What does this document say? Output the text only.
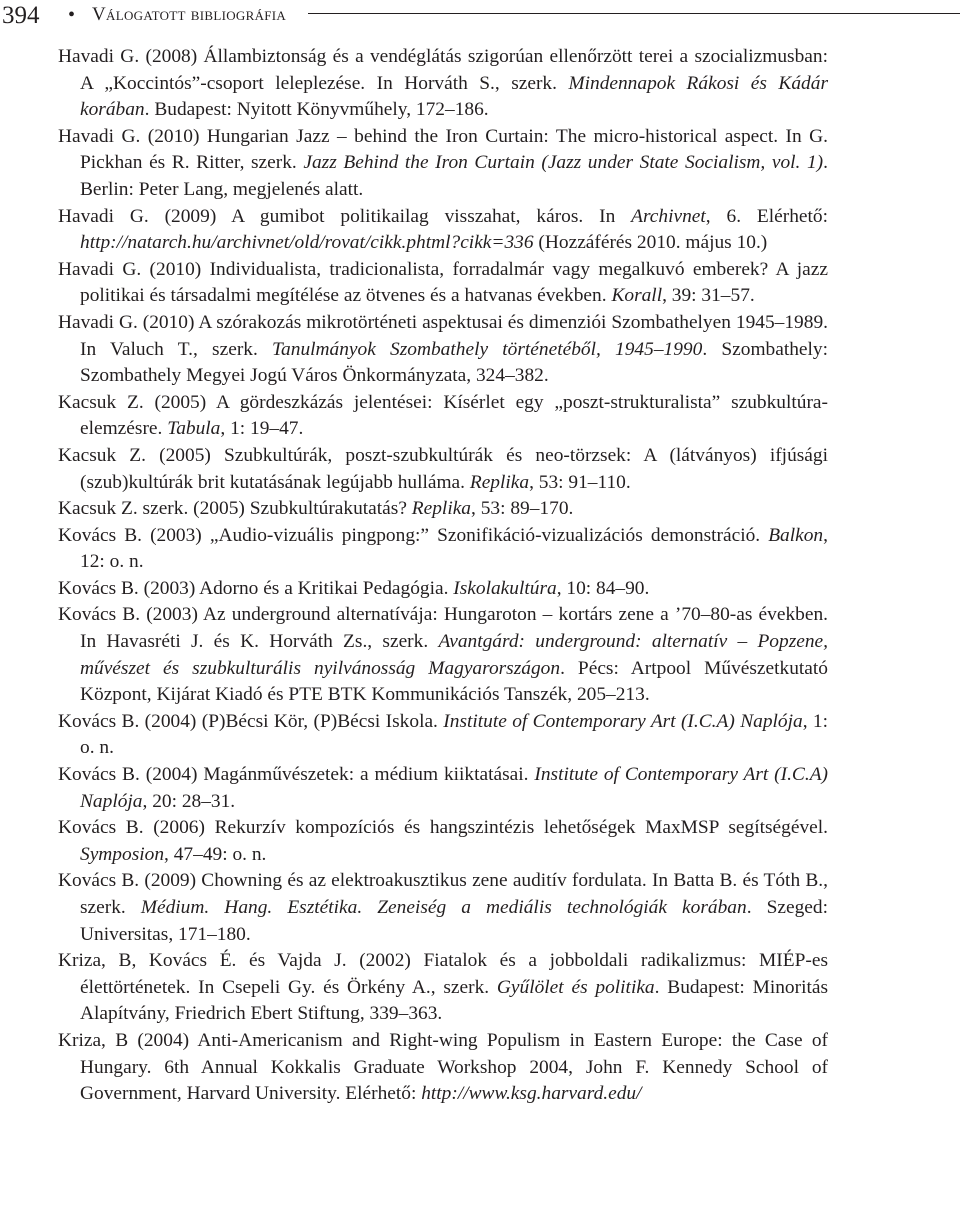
394 • Válogatott bibliográfia

Havadi G. (2008) Állambiztonság és a vendéglátás szigorúan ellenőrzött terei a szocializmusban: A „Koccintós”-csoport leleplezése. In Horváth S., szerk. Mindennapok Rákosi és Kádár korában. Budapest: Nyitott Könyvműhely, 172–186.

Havadi G. (2010) Hungarian Jazz – behind the Iron Curtain: The micro-historical aspect. In G. Pickhan és R. Ritter, szerk. Jazz Behind the Iron Curtain (Jazz under State Socialism, vol. 1). Berlin: Peter Lang, megjelenés alatt.

Havadi G. (2009) A gumibot politikailag visszahat, káros. In Archivnet, 6. Elérhető: http://natarch.hu/archivnet/old/rovat/cikk.phtml?cikk=336 (Hozzáférés 2010. május 10.)

Havadi G. (2010) Individualista, tradicionalista, forradalmár vagy megalkuvó emberek? A jazz politikai és társadalmi megítélése az ötvenes és a hatvanas években. Korall, 39: 31–57.

Havadi G. (2010) A szórakozás mikrotörténeti aspektusai és dimenziói Szombathelyen 1945–1989. In Valuch T., szerk. Tanulmányok Szombathely történetéből, 1945–1990. Szombathely: Szombathely Megyei Jogú Város Önkormányzata, 324–382.

Kacsuk Z. (2005) A gördeszkázás jelentései: Kísérlet egy „poszt-strukturalista” szubkultúra-elemzésre. Tabula, 1: 19–47.

Kacsuk Z. (2005) Szubkultúrák, poszt-szubkultúrák és neo-törzsek: A (látványos) ifjúsági (szub)kultúrák brit kutatásának legújabb hulláma. Replika, 53: 91–110.

Kacsuk Z. szerk. (2005) Szubkultúrakutatás? Replika, 53: 89–170.

Kovács B. (2003) „Audio-vizuális pingpong:” Szonifikáció-vizualizációs demonstráció. Balkon, 12: o. n.

Kovács B. (2003) Adorno és a Kritikai Pedagógia. Iskolakultúra, 10: 84–90.

Kovács B. (2003) Az underground alternatívája: Hungaroton – kortárs zene a ’70–80-as években. In Havasréti J. és K. Horváth Zs., szerk. Avantgárd: underground: alternatív – Popzene, művészet és szubkulturális nyilvánosság Magyarországon. Pécs: Artpool Művészetkutató Központ, Kijárat Kiadó és PTE BTK Kommunikációs Tanszék, 205–213.

Kovács B. (2004) (P)Bécsi Kör, (P)Bécsi Iskola. Institute of Contemporary Art (I.C.A) Naplója, 1: o. n.

Kovács B. (2004) Magánművészetek: a médium kiiktatásai. Institute of Contemporary Art (I.C.A) Naplója, 20: 28–31.

Kovács B. (2006) Rekurzív kompozíciós és hangszintézis lehetőségek MaxMSP segítségével. Symposion, 47–49: o. n.

Kovács B. (2009) Chowning és az elektroakusztikus zene auditív fordulata. In Batta B. és Tóth B., szerk. Médium. Hang. Esztétika. Zeneiség a mediális technológiák korában. Szeged: Universitas, 171–180.

Kriza, B, Kovács É. és Vajda J. (2002) Fiatalok és a jobboldali radikalizmus: MIÉP-es élettörténetek. In Csepeli Gy. és Örkény A., szerk. Gyűlölet és politika. Budapest: Minoritás Alapítvány, Friedrich Ebert Stiftung, 339–363.

Kriza, B (2004) Anti-Americanism and Right-wing Populism in Eastern Europe: the Case of Hungary. 6th Annual Kokkalis Graduate Workshop 2004, John F. Kennedy School of Government, Harvard University. Elérhető: http://www.ksg.harvard.edu/
